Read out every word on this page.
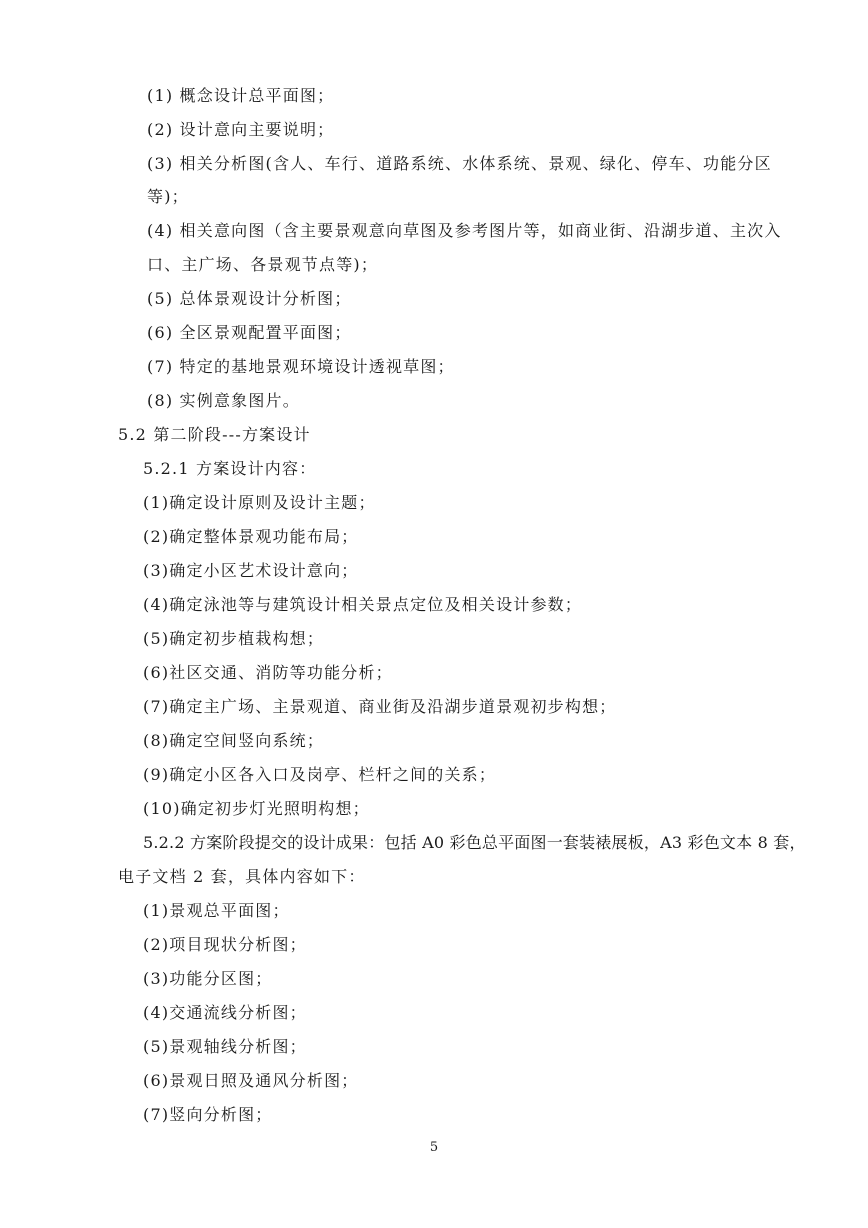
(1) 概念设计总平面图；
(2) 设计意向主要说明；
(3) 相关分析图(含人、车行、道路系统、水体系统、景观、绿化、停车、功能分区
等)；
(4) 相关意向图（含主要景观意向草图及参考图片等，如商业街、沿湖步道、主次入
口、主广场、各景观节点等)；
(5) 总体景观设计分析图；
(6) 全区景观配置平面图；
(7) 特定的基地景观环境设计透视草图；
(8) 实例意象图片。
5.2 第二阶段---方案设计
5.2.1 方案设计内容：
(1)确定设计原则及设计主题；
(2)确定整体景观功能布局；
(3)确定小区艺术设计意向；
(4)确定泳池等与建筑设计相关景点定位及相关设计参数；
(5)确定初步植栽构想；
(6)社区交通、消防等功能分析；
(7)确定主广场、主景观道、商业街及沿湖步道景观初步构想；
(8)确定空间竖向系统；
(9)确定小区各入口及岗亭、栏杆之间的关系；
(10)确定初步灯光照明构想；
5.2.2 方案阶段提交的设计成果：包括 A0 彩色总平面图一套装裱展板，A3 彩色文本 8 套，
电子文档 2 套，具体内容如下：
(1)景观总平面图；
(2)项目现状分析图；
(3)功能分区图；
(4)交通流线分析图；
(5)景观轴线分析图；
(6)景观日照及通风分析图；
(7)竖向分析图；
5
